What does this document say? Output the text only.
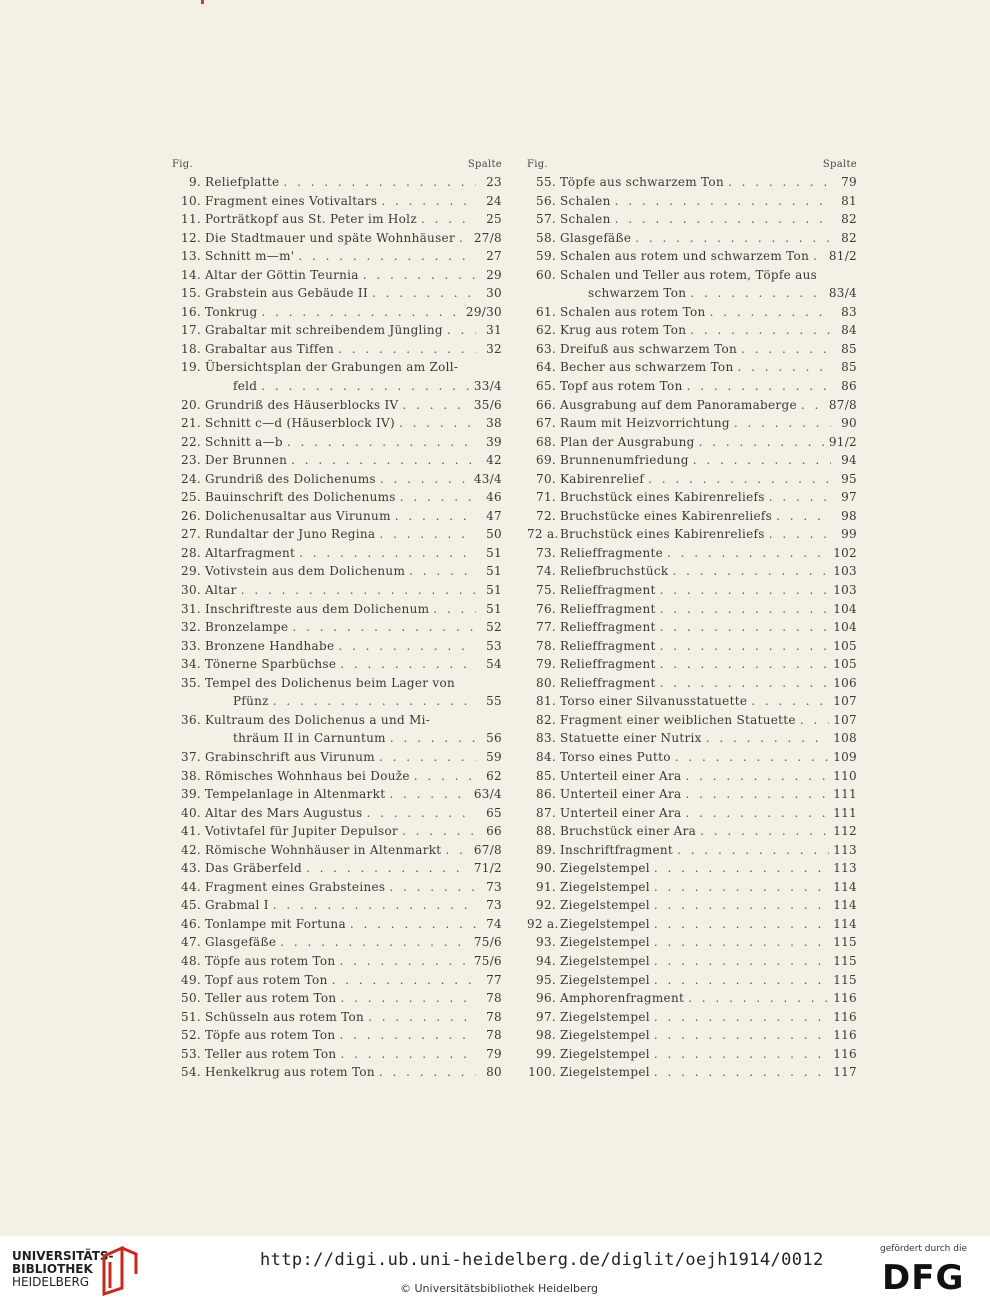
Fig.	Spalte
9. Reliefplatte . . .	23
10. Fragment eines Votivaltars . . .	24
11. Porträtkopf aus St. Peter im Holz . . .	25
12. Die Stadtmauer und späte Wohnhäuser . . . 27/8
13. Schnitt m—m' . . .	27
14. Altar der Göttin Teurnia . . .	29
15. Grabstein aus Gebäude II . . .	30
16. Tonkrug . . .	29/30
17. Grabaltar mit schreibendem Jüngling . . .	31
18. Grabaltar aus Tiffen . . .	32
19. Übersichtsplan der Grabungen am Zoll-
feld . . .	33/4
20. Grundriß des Häuserblocks IV . . .	35/6
21. Schnitt c—d (Häuserblock IV) . . .	38
22. Schnitt a—b . . .	39
23. Der Brunnen . . .	42
24. Grundriß des Dolichenums . . .	43/4
25. Bauinschrift des Dolichenums . . .	46
26. Dolichenusaltar aus Virunum . . .	47
27. Rundaltar der Juno Regina . . .	50
28. Altarfragment . . .	51
29. Votivstein aus dem Dolichenum . . .	51
30. Altar . . .	51
31. Inschriftreste aus dem Dolichenum . . .	51
32. Bronzelampe . . .	52
33. Bronzene Handhabe . . .	53
34. Tönerne Sparbüchse . . .	54
35. Tempel des Dolichenus beim Lager von
Pfünz . . .	55
36. Kultraum des Dolichenus a und Mi-
thräum II in Carnuntum . . .	56
37. Grabinschrift aus Virunum . . .	59
38. Römisches Wohnhaus bei Douže . . .	62
39. Tempelanlage in Altenmarkt . . .	63/4
40. Altar des Mars Augustus . . .	65
41. Votivtafel für Jupiter Depulsor . . .	66
42. Römische Wohnhäuser in Altenmarkt . . .	67/8
43. Das Gräberfeld . . .	71/2
44. Fragment eines Grabsteines . . .	73
45. Grabmal I . . .	73
46. Tonlampe mit Fortuna . . .	74
47. Glasgefäße . . .	75/6
48. Töpfe aus rotem Ton . . .	75/6
49. Topf aus rotem Ton . . .	77
50. Teller aus rotem Ton . . .	78
51. Schüsseln aus rotem Ton . . .	78
52. Töpfe aus rotem Ton . . .	78
53. Teller aus rotem Ton . . .	79
54. Henkelkrug aus rotem Ton . . .	80
Fig.	Spalte
55. Töpfe aus schwarzem Ton . . .	79
56. Schalen . . .	81
57. Schalen . . .	82
58. Glasgefäße . . .	82
59. Schalen aus rotem und schwarzem Ton . . . 81/2
60. Schalen und Teller aus rotem, Töpfe aus
schwarzem Ton . . .	83/4
61. Schalen aus rotem Ton . . .	83
62. Krug aus rotem Ton . . .	84
63. Dreifuß aus schwarzem Ton . . .	85
64. Becher aus schwarzem Ton . . .	85
65. Topf aus rotem Ton . . .	86
66. Ausgrabung auf dem Panoramaberge . . .	87/8
67. Raum mit Heizvorrichtung . . .	90
68. Plan der Ausgrabung . . .	91/2
69. Brunnenumfriedung . . .	94
70. Kabirenrelief . . .	95
71. Bruchstück eines Kabirenreliefs . . .	97
72. Bruchstücke eines Kabirenreliefs . . .	98
72 a. Bruchstück eines Kabirenreliefs . . .	99
73. Relieffragmente . . .	102
74. Reliefbruchstück . . .	103
75. Relieffragment . . .	103
76. Relieffragment . . .	104
77. Relieffragment . . .	104
78. Relieffragment . . .	105
79. Relieffragment . . .	105
80. Relieffragment . . .	106
81. Torso einer Silvanusstatuette . . .	107
82. Fragment einer weiblichen Statuette . . .	107
83. Statuette einer Nutrix . . .	108
84. Torso eines Putto . . .	109
85. Unterteil einer Ara . . .	110
86. Unterteil einer Ara . . .	111
87. Unterteil einer Ara . . .	111
88. Bruchstück einer Ara . . .	112
89. Inschriftfragment . . .	113
90. Ziegelstempel . . .	113
91. Ziegelstempel . . .	114
92. Ziegelstempel . . .	114
92 a. Ziegelstempel . . .	114
93. Ziegelstempel . . .	115
94. Ziegelstempel . . .	115
95. Ziegelstempel . . .	115
96. Amphorenfragment . . .	116
97. Ziegelstempel . . .	116
98. Ziegelstempel . . .	116
99. Ziegelstempel . . .	116
100. Ziegelstempel . . .	117
UNIVERSITÄTS-
BIBLIOTHEK
HEIDELBERG
http://digi.ub.uni-heidelberg.de/diglit/oejh1914/0012
© Universitätsbibliothek Heidelberg
gefördert durch die
DFG
